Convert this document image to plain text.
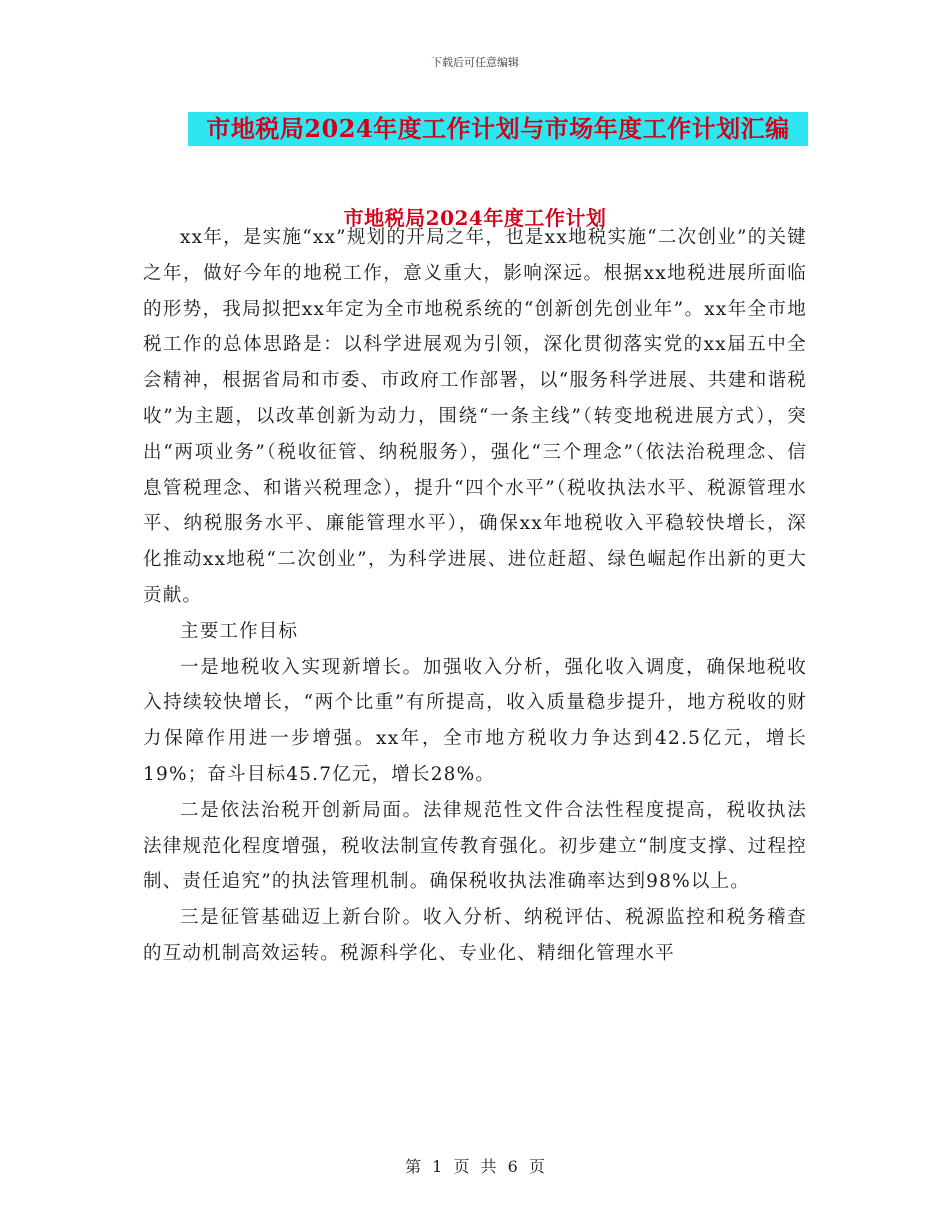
下载后可任意编辑
市地税局2024年度工作计划与市场年度工作计划汇编
市地税局2024年度工作计划

xx年，是实施“xx”规划的开局之年，也是xx地税实施“二次创业”的关键之年，做好今年的地税工作，意义重大，影响深远。根据xx地税进展所面临的形势，我局拟把xx年定为全市地税系统的“创新创先创业年”。xx年全市地税工作的总体思路是：以科学进展观为引领，深化贯彻落实党的xx届五中全会精神，根据省局和市委、市政府工作部署，以“服务科学进展、共建和谐税收”为主题，以改革创新为动力，围绕“一条主线”（转变地税进展方式），突出“两项业务”（税收征管、纳税服务），强化“三个理念”（依法治税理念、信息管税理念、和谐兴税理念），提升“四个水平”（税收执法水平、税源管理水平、纳税服务水平、廉能管理水平），确保xx年地税收入平稳较快增长，深化推动xx地税“二次创业”，为科学进展、进位赶超、绿色崛起作出新的更大贡献。

主要工作目标

一是地税收入实现新增长。加强收入分析，强化收入调度，确保地税收入持续较快增长，“两个比重”有所提高，收入质量稳步提升，地方税收的财力保障作用进一步增强。xx年，全市地方税收力争达到42.5亿元，增长19%；奋斗目标45.7亿元，增长28%。

二是依法治税开创新局面。法律规范性文件合法性程度提高，税收执法法律规范化程度增强，税收法制宣传教育强化。初步建立“制度支撑、过程控制、责任追究”的执法管理机制。确保税收执法准确率达到98%以上。

三是征管基础迈上新台阶。收入分析、纳税评估、税源监控和税务稽查的互动机制高效运转。税源科学化、专业化、精细化管理水平

第 1 页 共 6 页
